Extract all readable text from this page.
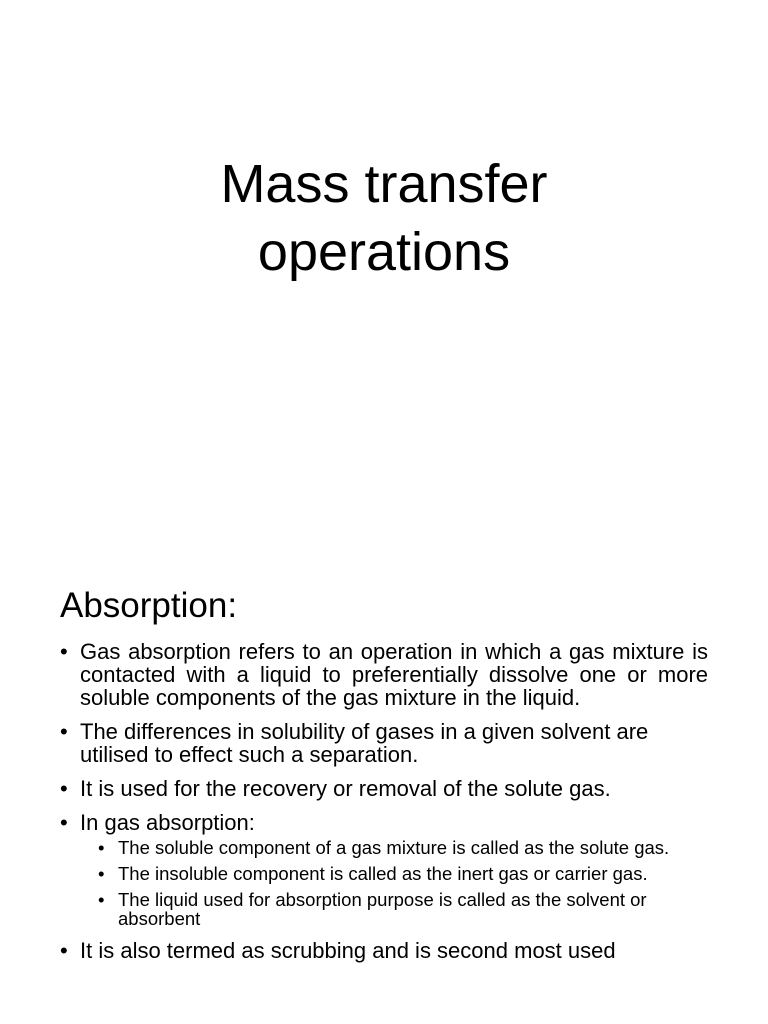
Mass transfer
operations
Absorption:
• Gas absorption refers to an operation in which a gas mixture is contacted with a liquid to preferentially dissolve one or more soluble components of the gas mixture in the liquid.
• The differences in solubility of gases in a given solvent are utilised to effect such a separation.
• It is used for the recovery or removal of the solute gas.
• In gas absorption:
• The soluble component of a gas mixture is called as the solute gas.
• The insoluble component is called as the inert gas or carrier gas.
• The liquid used for absorption purpose is called as the solvent or absorbent
• It is also termed as scrubbing and is second most used
